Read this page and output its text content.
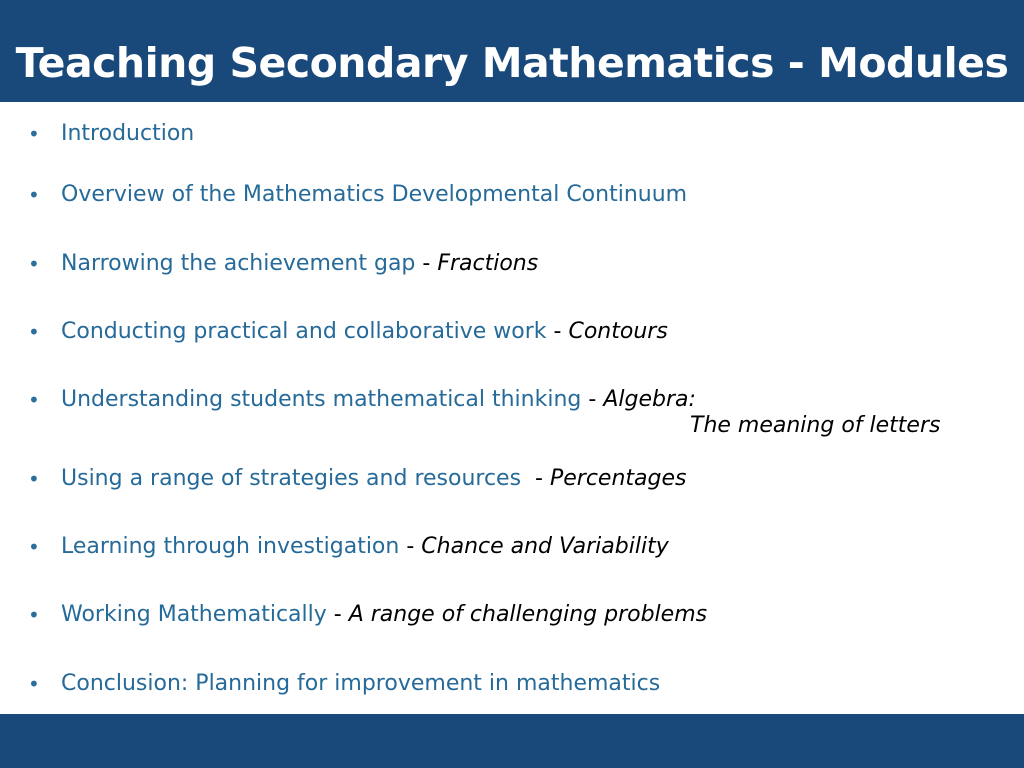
Teaching Secondary Mathematics - Modules
• Introduction
• Overview of the Mathematics Developmental Continuum
• Narrowing the achievement gap - Fractions
• Conducting practical and collaborative work - Contours
• Understanding students mathematical thinking - Algebra:
The meaning of letters
• Using a range of strategies and resources  - Percentages
• Learning through investigation - Chance and Variability
• Working Mathematically - A range of challenging problems
• Conclusion: Planning for improvement in mathematics
